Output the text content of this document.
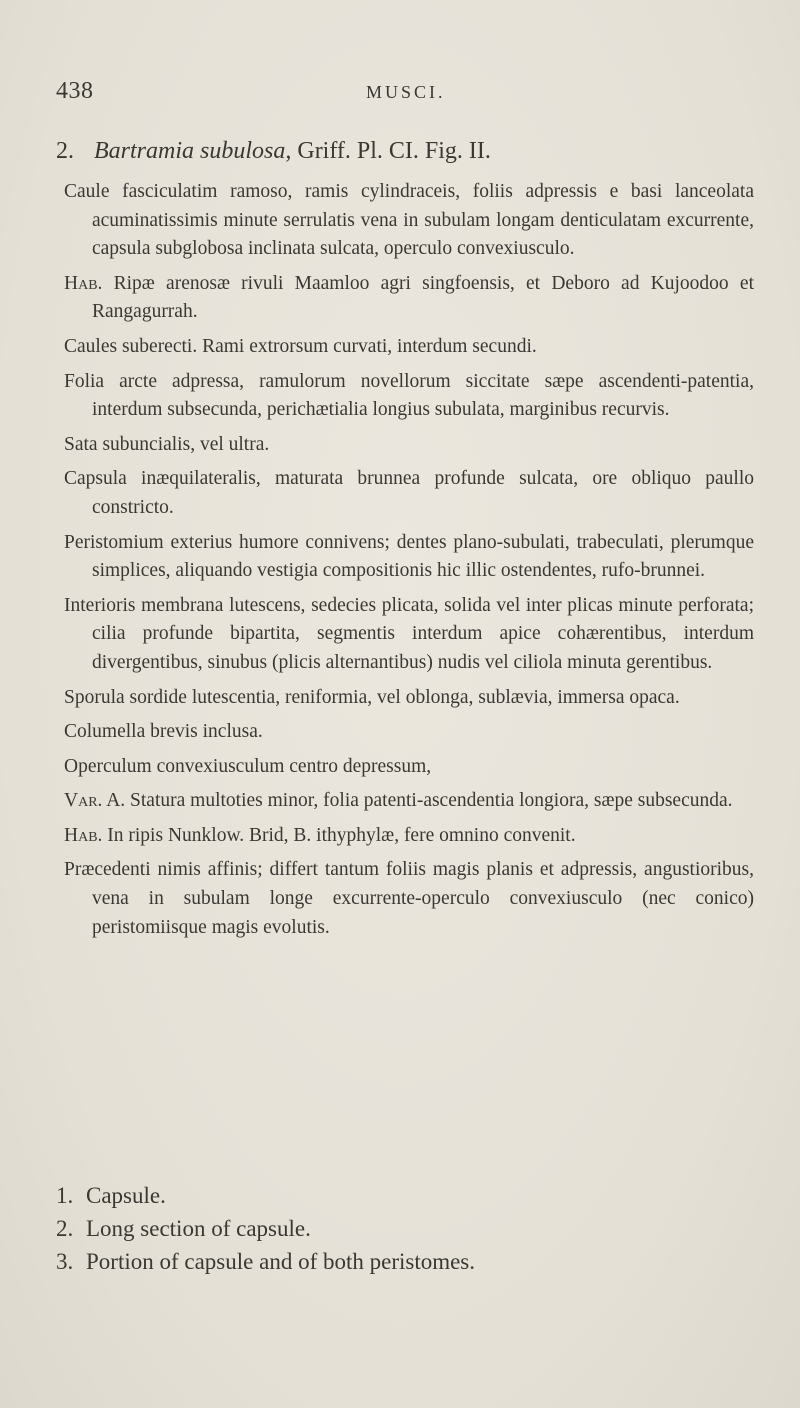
438	MUSCI.
2. Bartramia subulosa, Griff. Pl. CI. Fig. II.

Caule fasciculatim ramoso, ramis cylindraceis, foliis adpressis e basi lanceolata acuminatissimis minute serrulatis vena in subulam longam denticulatam excurrente, capsula subglobosa inclinata sulcata, operculo convexiusculo.

Hab. Ripæ arenosæ rivuli Maamloo agri singfoensis, et Deboro ad Kujoodoo et Rangagurrah.

Caules suberecti. Rami extrorsum curvati, interdum secundi.

Folia arcte adpressa, ramulorum novellorum siccitate sæpe ascendenti-patentia, interdum subsecunda, perichætialia longius subulata, marginibus recurvis.

Sata subuncialis, vel ultra.

Capsula inæquilateralis, maturata brunnea profunde sulcata, ore obliquo paullo constricto.

Peristomium exterius humore connivens; dentes plano-subulati, trabeculati, plerumque simplices, aliquando vestigia compositionis hic illic ostendentes, rufo-brunnei.

Interioris membrana lutescens, sedecies plicata, solida vel inter plicas minute perforata; cilia profunde bipartita, segmentis interdum apice cohærentibus, interdum divergentibus, sinubus (plicis alternantibus) nudis vel ciliola minuta gerentibus.

Sporula sordide lutescentia, reniformia, vel oblonga, sublævia, immersa opaca.

Columella brevis inclusa.

Operculum convexiusculum centro depressum,

Var. A. Statura multoties minor, folia patenti-ascendentia longiora, sæpe subsecunda.

Hab. In ripis Nunklow. Brid, B. ithyphylæ, fere omnino convenit.

Præcedenti nimis affinis; differt tantum foliis magis planis et adpressis, angustioribus, vena in subulam longe excurrente-operculo convexiusculo (nec conico) peristomiisque magis evolutis.

1. Capsule.
2. Long section of capsule.
3. Portion of capsule and of both peristomes.
